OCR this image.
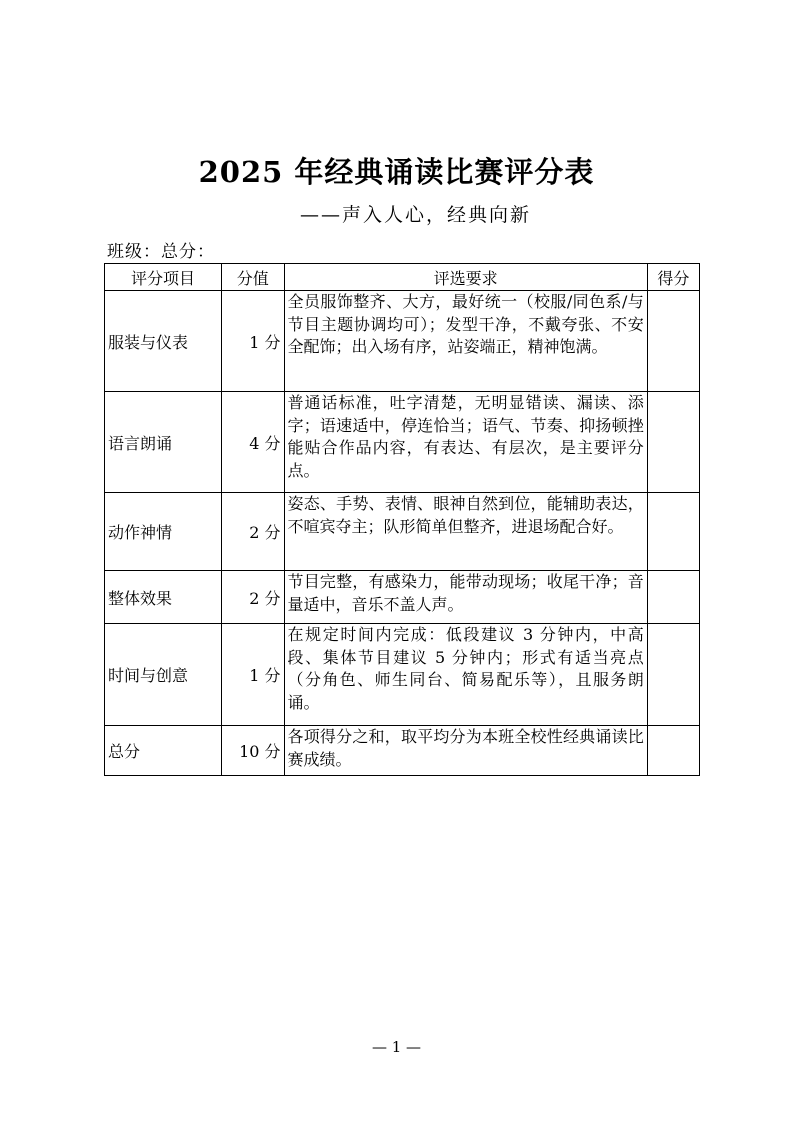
2025 年经典诵读比赛评分表
——声入人心，经典向新
班级：总分：
评分项目	分值	评选要求	得分
服装与仪表	1 分	全员服饰整齐、大方，最好统一（校服/同色系/与节目主题协调均可）；发型干净，不戴夸张、不安全配饰；出入场有序，站姿端正，精神饱满。	
语言朗诵	4 分	普通话标准，吐字清楚，无明显错读、漏读、添字；语速适中，停连恰当；语气、节奏、抑扬顿挫能贴合作品内容，有表达、有层次，是主要评分点。	
动作神情	2 分	姿态、手势、表情、眼神自然到位，能辅助表达，不喧宾夺主；队形简单但整齐，进退场配合好。	
整体效果	2 分	节目完整，有感染力，能带动现场；收尾干净；音量适中，音乐不盖人声。	
时间与创意	1 分	在规定时间内完成：低段建议 3 分钟内，中高段、集体节目建议 5 分钟内；形式有适当亮点（分角色、师生同台、简易配乐等），且服务朗诵。	
总分	10 分	各项得分之和，取平均分为本班全校性经典诵读比赛成绩。	
— 1 —
